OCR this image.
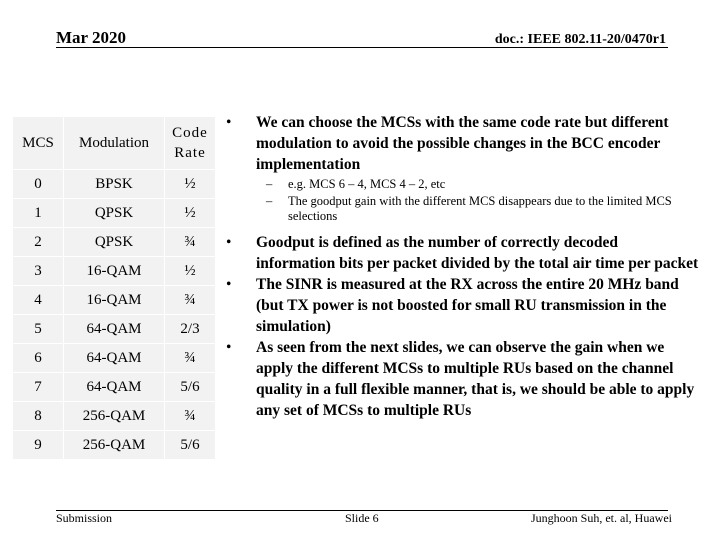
Mar 2020	doc.: IEEE 802.11-20/0470r1
MCS	Modulation	Code Rate
0	BPSK	½
1	QPSK	½
2	QPSK	¾
3	16-QAM	½
4	16-QAM	¾
5	64-QAM	2/3
6	64-QAM	¾
7	64-QAM	5/6
8	256-QAM	¾
9	256-QAM	5/6
• We can choose the MCSs with the same code rate but different modulation to avoid the possible changes in the BCC encoder implementation
– e.g. MCS 6 – 4, MCS 4 – 2, etc
– The goodput gain with the different MCS disappears due to the limited MCS selections
• Goodput is defined as the number of correctly decoded information bits per packet divided by the total air time per packet
• The SINR is measured at the RX across the entire 20 MHz band (but TX power is not boosted for small RU transmission in the simulation)
• As seen from the next slides, we can observe the gain when we apply the different MCSs to multiple RUs based on the channel quality in a full flexible manner, that is, we should be able to apply any set of MCSs to multiple RUs
Submission	Slide 6	Junghoon Suh, et. al, Huawei
